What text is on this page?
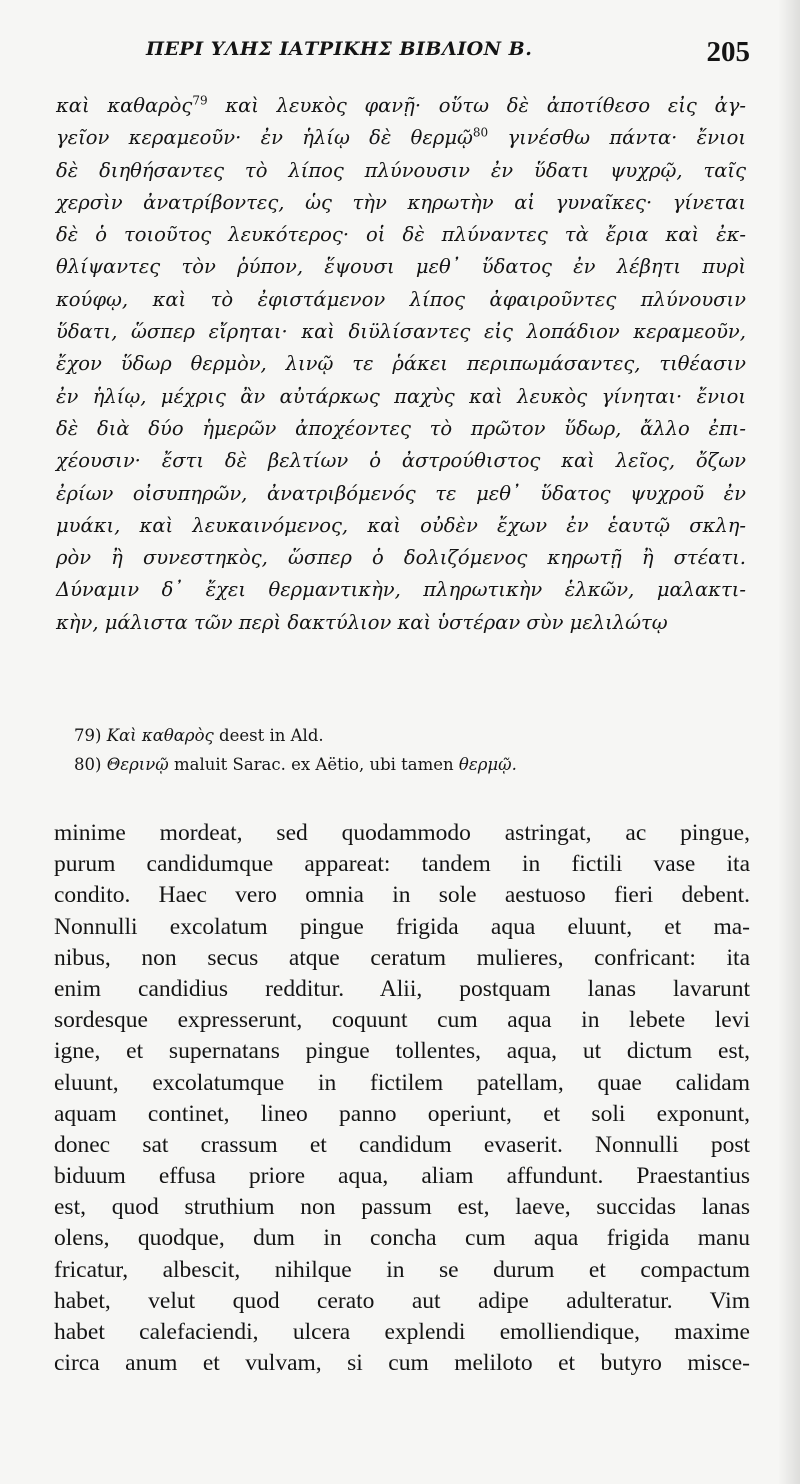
ΠΕΡΙ ΥΛΗΣ ΙΑΤΡΙΚΗΣ ΒΙΒΛΙΟΝ Β.	205
καὶ καθαρὸς$^{79}$ καὶ λευκὸς φανῇ· οὕτω δὲ ἀποτίθεσο εἰς ἀγ-
γεῖον κεραμεοῦν· ἐν ἡλίῳ δὲ θερμῷ$^{80}$ γινέσθω πάντα· ἔνιοι
δὲ διηθήσαντες τὸ λίπος πλύνουσιν ἐν ὕδατι ψυχρῷ, ταῖς
χερσὶν ἀνατρίβοντες, ὡς τὴν κηρωτὴν αἱ γυναῖκες· γίνεται
δὲ ὁ τοιοῦτος λευκότερος· οἱ δὲ πλύναντες τὰ ἔρια καὶ ἐκ-
θλίψαντες τὸν ῥύπον, ἕψουσι μεθ᾽ ὕδατος ἐν λέβητι πυρὶ
κούφῳ, καὶ τὸ ἐφιστάμενον λίπος ἀφαιροῦντες πλύνουσιν
ὕδατι, ὥσπερ εἴρηται· καὶ διϋλίσαντες εἰς λοπάδιον κεραμεοῦν,
ἔχον ὕδωρ θερμὸν, λινῷ τε ῥάκει περιπωμάσαντες, τιθέασιν
ἐν ἡλίῳ, μέχρις ἂν αὐτάρκως παχὺς καὶ λευκὸς γίνηται· ἔνιοι
δὲ διὰ δύο ἡμερῶν ἀποχέοντες τὸ πρῶτον ὕδωρ, ἄλλο ἐπι-
χέουσιν· ἔστι δὲ βελτίων ὁ ἀστρούθιστος καὶ λεῖος, ὄζων
ἐρίων οἰσυπηρῶν, ἀνατριβόμενός τε μεθ᾽ ὕδατος ψυχροῦ ἐν
μυάκι, καὶ λευκαινόμενος, καὶ οὐδὲν ἔχων ἐν ἑαυτῷ σκλη-
ρὸν ἢ συνεστηκὸς, ὥσπερ ὁ δολιζόμενος κηρωτῇ ἢ στέατι.
Δύναμιν δ᾽ ἔχει θερμαντικὴν, πληρωτικὴν ἑλκῶν, μαλακτι-
κὴν, μάλιστα τῶν περὶ δακτύλιον καὶ ὑστέραν σὺν μελιλώτῳ
79) Καὶ καθαρὸς deest in Ald.
80) Θερινῷ maluit Sarac. ex Aëtio, ubi tamen θερμῷ.
minime mordeat, sed quodammodo astringat, ac pingue,
purum candidumque appareat: tandem in fictili vase ita
condito. Haec vero omnia in sole aestuoso fieri debent.
Nonnulli excolatum pingue frigida aqua eluunt, et ma-
nibus, non secus atque ceratum mulieres, confricant: ita
enim candidius redditur. Alii, postquam lanas lavarunt
sordesque expresserunt, coquunt cum aqua in lebete levi
igne, et supernatans pingue tollentes, aqua, ut dictum est,
eluunt, excolatumque in fictilem patellam, quae calidam
aquam continet, lineo panno operiunt, et soli exponunt,
donec sat crassum et candidum evaserit. Nonnulli post
biduum effusa priore aqua, aliam affundunt. Praestantius
est, quod struthium non passum est, laeve, succidas lanas
olens, quodque, dum in concha cum aqua frigida manu
fricatur, albescit, nihilque in se durum et compactum
habet, velut quod cerato aut adipe adulteratur. Vim
habet calefaciendi, ulcera explendi emolliendique, maxime
circa anum et vulvam, si cum meliloto et butyro misce-
